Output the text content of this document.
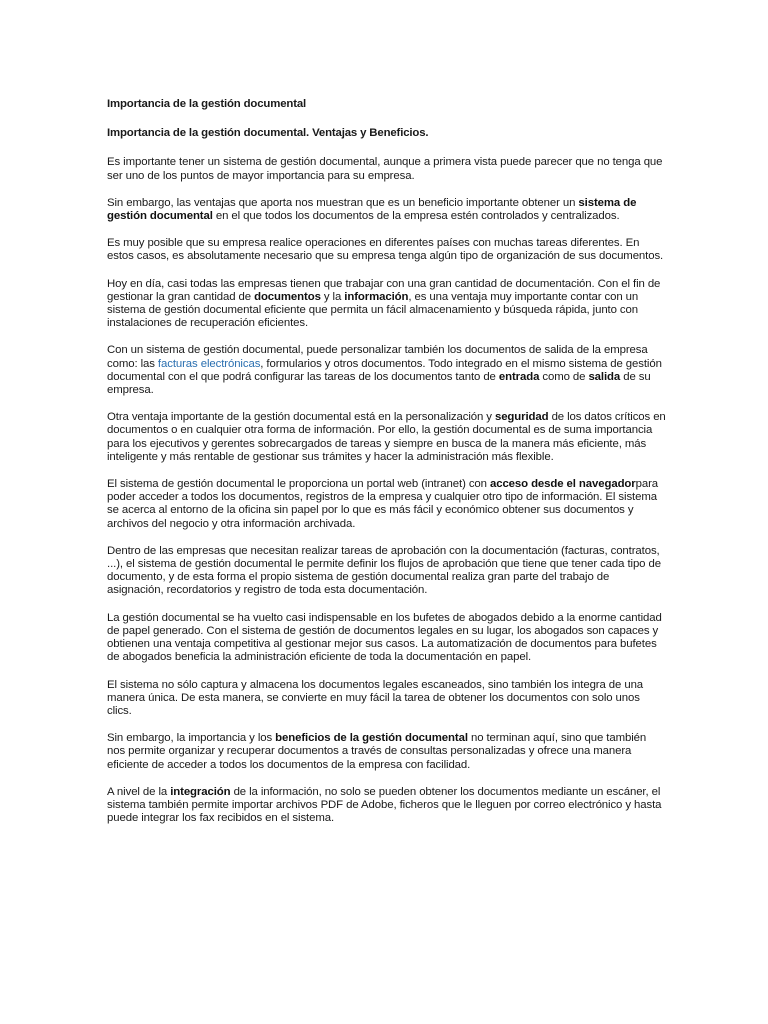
Importancia de la gestión documental

Importancia de la gestión documental. Ventajas y Beneficios.

Es importante tener un sistema de gestión documental, aunque a primera vista puede parecer que no tenga que ser uno de los puntos de mayor importancia para su empresa.

Sin embargo, las ventajas que aporta nos muestran que es un beneficio importante obtener un sistema de gestión documental en el que todos los documentos de la empresa estén controlados y centralizados.

Es muy posible que su empresa realice operaciones en diferentes países con muchas tareas diferentes. En estos casos, es absolutamente necesario que su empresa tenga algún tipo de organización de sus documentos.

Hoy en día, casi todas las empresas tienen que trabajar con una gran cantidad de documentación. Con el fin de gestionar la gran cantidad de documentos y la información, es una ventaja muy importante contar con un sistema de gestión documental eficiente que permita un fácil almacenamiento y búsqueda rápida, junto con instalaciones de recuperación eficientes.

Con un sistema de gestión documental, puede personalizar también los documentos de salida de la empresa como: las facturas electrónicas, formularios y otros documentos. Todo integrado en el mismo sistema de gestión documental con el que podrá configurar las tareas de los documentos tanto de entrada como de salida de su empresa.

Otra ventaja importante de la gestión documental está en la personalización y seguridad de los datos críticos en documentos o en cualquier otra forma de información. Por ello, la gestión documental es de suma importancia para los ejecutivos y gerentes sobrecargados de tareas y siempre en busca de la manera más eficiente, más inteligente y más rentable de gestionar sus trámites y hacer la administración más flexible.

El sistema de gestión documental le proporciona un portal web (intranet) con acceso desde el navegadorpara poder acceder a todos los documentos, registros de la empresa y cualquier otro tipo de información. El sistema se acerca al entorno de la oficina sin papel por lo que es más fácil y económico obtener sus documentos y archivos del negocio y otra información archivada.

Dentro de las empresas que necesitan realizar tareas de aprobación con la documentación (facturas, contratos, ...), el sistema de gestión documental le permite definir los flujos de aprobación que tiene que tener cada tipo de documento, y de esta forma el propio sistema de gestión documental realiza gran parte del trabajo de asignación, recordatorios y registro de toda esta documentación.

La gestión documental se ha vuelto casi indispensable en los bufetes de abogados debido a la enorme cantidad de papel generado. Con el sistema de gestión de documentos legales en su lugar, los abogados son capaces y obtienen una ventaja competitiva al gestionar mejor sus casos. La automatización de documentos para bufetes de abogados beneficia la administración eficiente de toda la documentación en papel.

El sistema no sólo captura y almacena los documentos legales escaneados, sino también los integra de una manera única. De esta manera, se convierte en muy fácil la tarea de obtener los documentos con solo unos clics.

Sin embargo, la importancia y los beneficios de la gestión documental no terminan aquí, sino que también nos permite organizar y recuperar documentos a través de consultas personalizadas y ofrece una manera eficiente de acceder a todos los documentos de la empresa con facilidad.

A nivel de la integración de la información, no solo se pueden obtener los documentos mediante un escáner, el sistema también permite importar archivos PDF de Adobe, ficheros que le lleguen por correo electrónico y hasta puede integrar los fax recibidos en el sistema.
